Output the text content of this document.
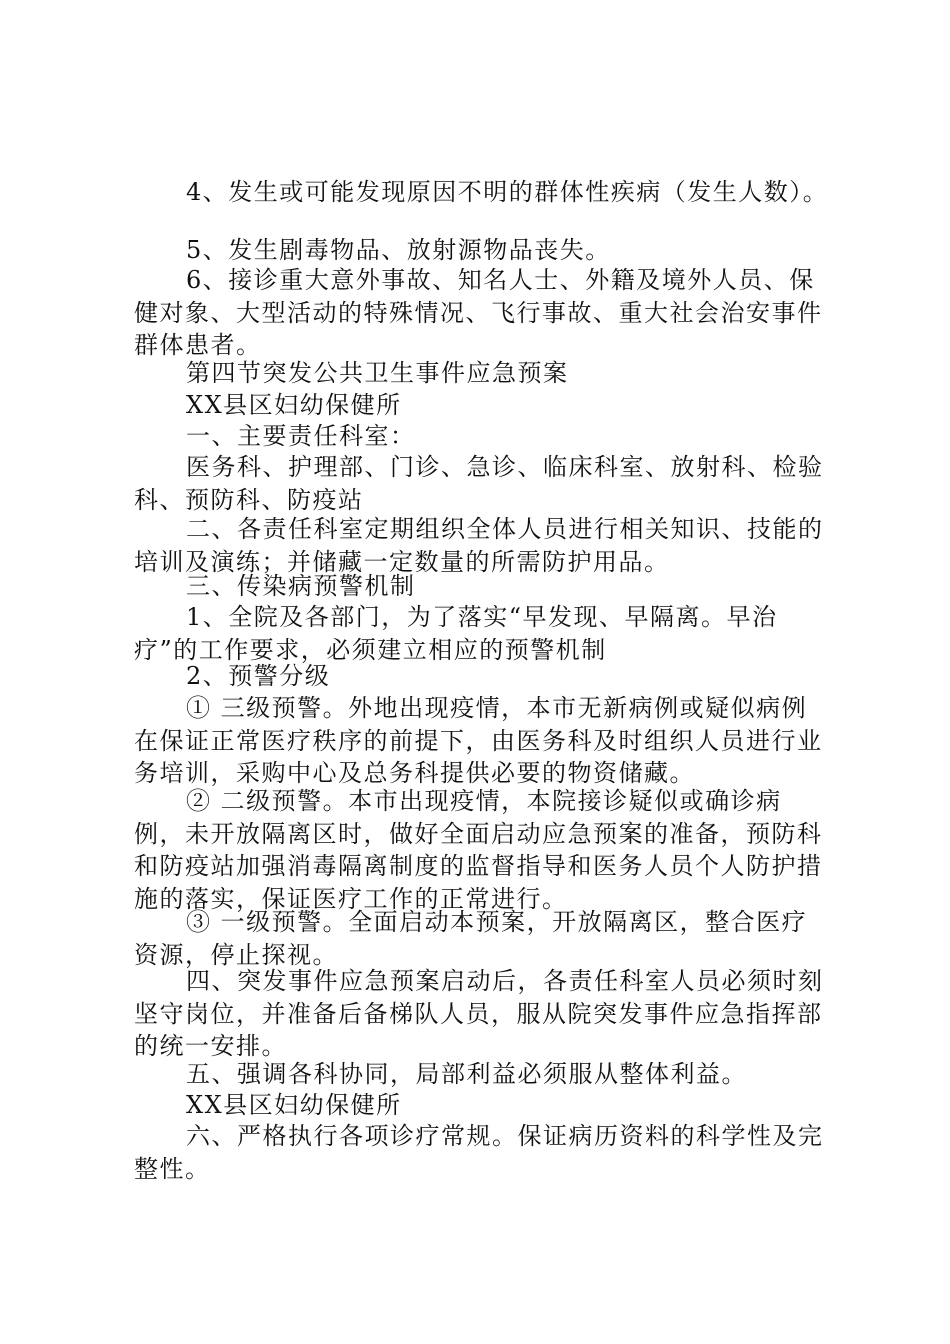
4、发生或可能发现原因不明的群体性疾病（发生人数）。

5、发生剧毒物品、放射源物品丧失。

6、接诊重大意外事故、知名人士、外籍及境外人员、保健对象、大型活动的特殊情况、飞行事故、重大社会治安事件群体患者。

第四节突发公共卫生事件应急预案

XX县区妇幼保健所

一、主要责任科室：

医务科、护理部、门诊、急诊、临床科室、放射科、检验科、预防科、防疫站

二、各责任科室定期组织全体人员进行相关知识、技能的培训及演练；并储藏一定数量的所需防护用品。

三、传染病预警机制

1、全院及各部门，为了落实“早发现、早隔离。早治疗”的工作要求，必须建立相应的预警机制

2、预警分级

① 三级预警。外地出现疫情，本市无新病例或疑似病例在保证正常医疗秩序的前提下，由医务科及时组织人员进行业务培训，采购中心及总务科提供必要的物资储藏。

② 二级预警。本市出现疫情，本院接诊疑似或确诊病例，未开放隔离区时，做好全面启动应急预案的准备，预防科和防疫站加强消毒隔离制度的监督指导和医务人员个人防护措施的落实，保证医疗工作的正常进行。

③ 一级预警。全面启动本预案，开放隔离区，整合医疗资源，停止探视。

四、突发事件应急预案启动后，各责任科室人员必须时刻坚守岗位，并准备后备梯队人员，服从院突发事件应急指挥部的统一安排。

五、强调各科协同，局部利益必须服从整体利益。

XX县区妇幼保健所

六、严格执行各项诊疗常规。保证病历资料的科学性及完整性。
